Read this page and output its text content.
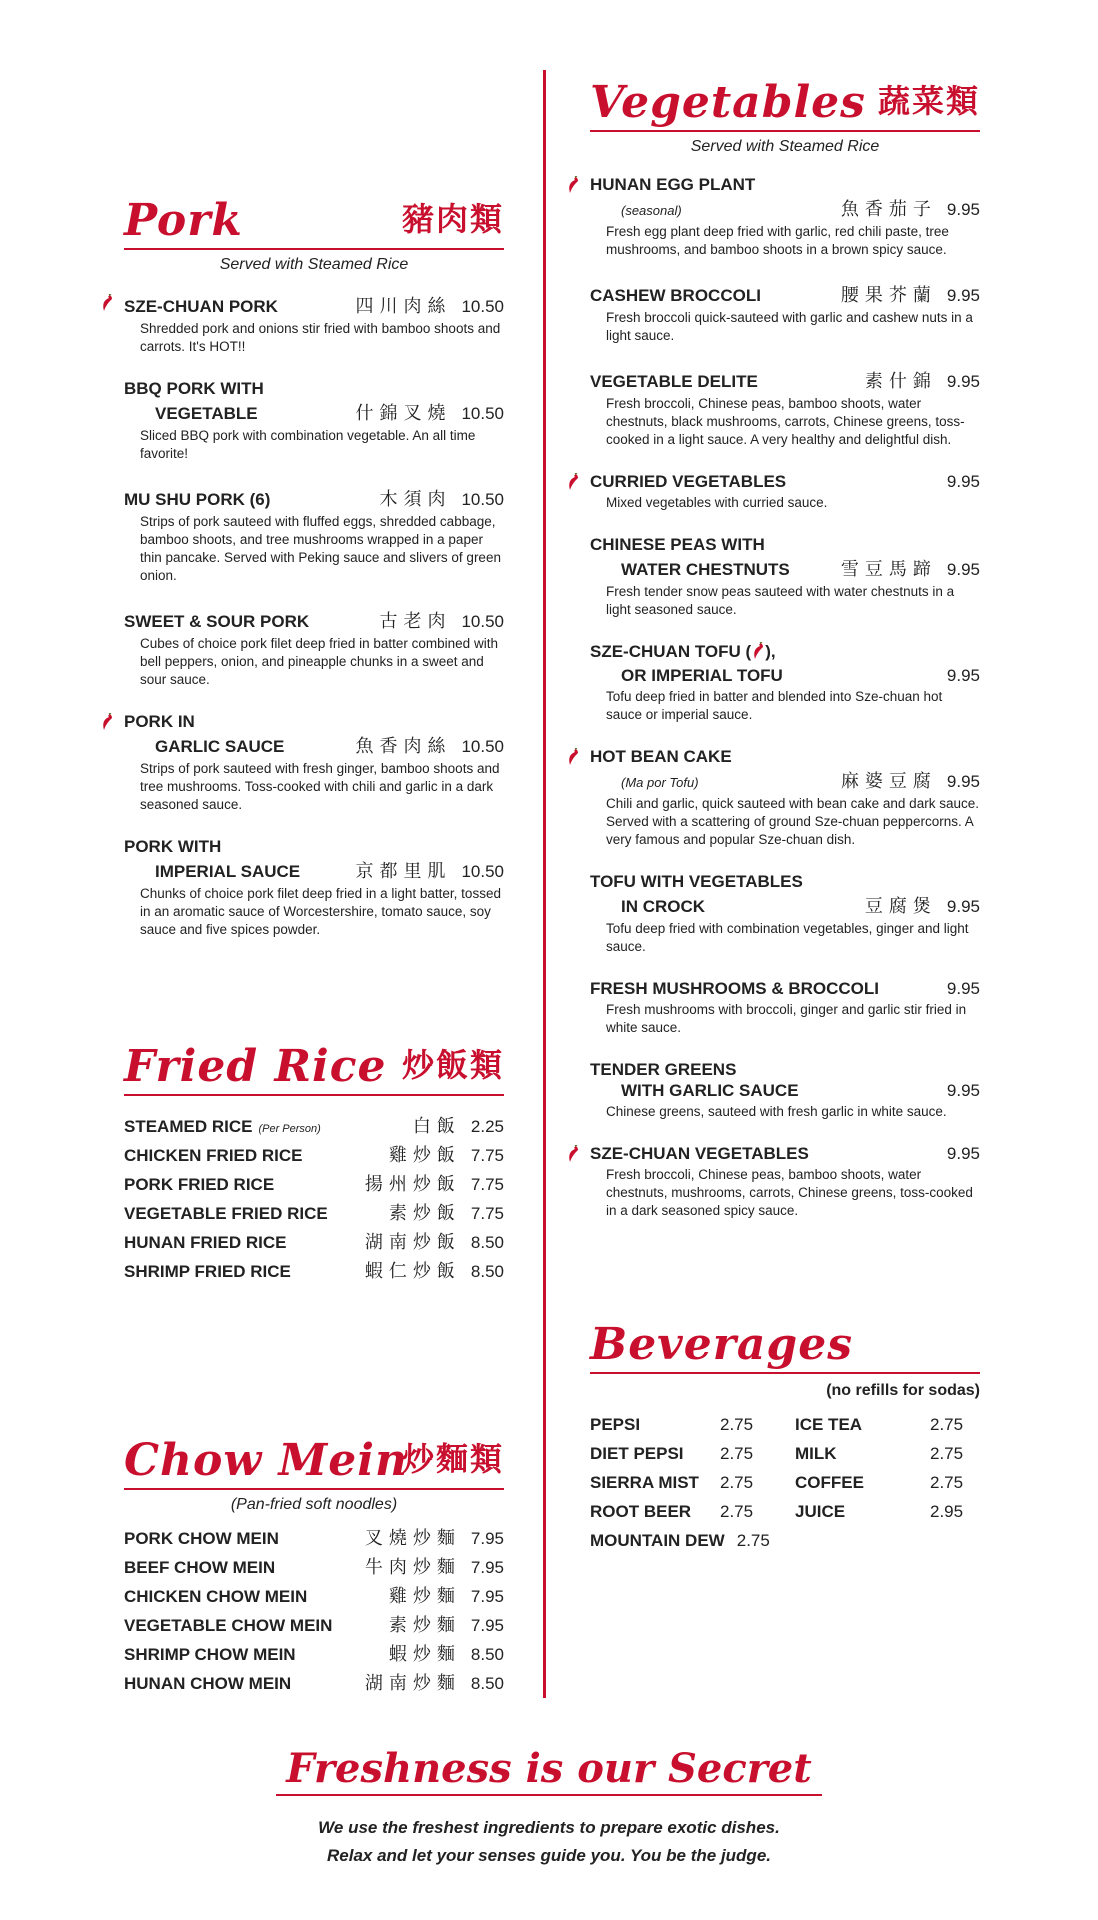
Pork	豬肉類
Served with Steamed Rice
SZE-CHUAN PORK	四川肉絲 10.50
Shredded pork and onions stir fried with bamboo shoots and carrots. It's HOT!!
BBQ PORK WITH
VEGETABLE	什錦叉燒 10.50
Sliced BBQ pork with combination vegetable. An all time favorite!
MU SHU PORK (6)	木須肉 10.50
Strips of pork sauteed with fluffed eggs, shredded cabbage, bamboo shoots, and tree mushrooms wrapped in a paper thin pancake. Served with Peking sauce and slivers of green onion.
SWEET & SOUR PORK	古老肉 10.50
Cubes of choice pork filet deep fried in batter combined with bell peppers, onion, and pineapple chunks in a sweet and sour sauce.
PORK IN
GARLIC SAUCE	魚香肉絲 10.50
Strips of pork sauteed with fresh ginger, bamboo shoots and tree mushrooms. Toss-cooked with chili and garlic in a dark seasoned sauce.
PORK WITH
IMPERIAL SAUCE	京都里肌 10.50
Chunks of choice pork filet deep fried in a light batter, tossed in an aromatic sauce of Worcestershire, tomato sauce, soy sauce and five spices powder.
Fried Rice 炒飯類
STEAMED RICE (Per Person)	白飯 2.25
CHICKEN FRIED RICE	雞炒飯 7.75
PORK FRIED RICE	揚州炒飯 7.75
VEGETABLE FRIED RICE	素炒飯 7.75
HUNAN FRIED RICE	湖南炒飯 8.50
SHRIMP FRIED RICE	蝦仁炒飯 8.50
Chow Mein
炒麵類
(Pan-fried soft noodles)
PORK CHOW MEIN	叉燒炒麵 7.95
BEEF CHOW MEIN	牛肉炒麵 7.95
CHICKEN CHOW MEIN	雞炒麵 7.95
VEGETABLE CHOW MEIN	素炒麵 7.95
SHRIMP CHOW MEIN	蝦炒麵 8.50
HUNAN CHOW MEIN	湖南炒麵 8.50
Vegetables 蔬菜類
Served with Steamed Rice
HUNAN EGG PLANT
(seasonal)	魚香茄子 9.95
Fresh egg plant deep fried with garlic, red chili paste, tree mushrooms, and bamboo shoots in a brown spicy sauce.
CASHEW BROCCOLI	腰果芥蘭 9.95
Fresh broccoli quick-sauteed with garlic and cashew nuts in a light sauce.
VEGETABLE DELITE	素什錦 9.95
Fresh broccoli, Chinese peas, bamboo shoots, water chestnuts, black mushrooms, carrots, Chinese greens, toss-cooked in a light sauce. A very healthy and delightful dish.
CURRIED VEGETABLES	9.95
Mixed vegetables with curried sauce.
CHINESE PEAS WITH
WATER CHESTNUTS	雪豆馬蹄 9.95
Fresh tender snow peas sauteed with water chestnuts in a light seasoned sauce.
SZE-CHUAN TOFU ( ),
OR IMPERIAL TOFU	9.95
Tofu deep fried in batter and blended into Sze-chuan hot sauce or imperial sauce.
HOT BEAN CAKE
(Ma por Tofu)	麻婆豆腐 9.95
Chili and garlic, quick sauteed with bean cake and dark sauce. Served with a scattering of ground Sze-chuan peppercorns. A very famous and popular Sze-chuan dish.
TOFU WITH VEGETABLES
IN CROCK	豆腐煲 9.95
Tofu deep fried with combination vegetables, ginger and light sauce.
FRESH MUSHROOMS & BROCCOLI	9.95
Fresh mushrooms with broccoli, ginger and garlic stir fried in white sauce.
TENDER GREENS
WITH GARLIC SAUCE	9.95
Chinese greens, sauteed with fresh garlic in white sauce.
SZE-CHUAN VEGETABLES	9.95
Fresh broccoli, Chinese peas, bamboo shoots, water chestnuts, mushrooms, carrots, Chinese greens, toss-cooked in a dark seasoned spicy sauce.
Beverages
(no refills for sodas)
PEPSI	2.75
DIET PEPSI	2.75
SIERRA MIST	2.75
ROOT BEER	2.75
MOUNTAIN DEW 2.75
ICE TEA	2.75
MILK	2.75
COFFEE	2.75
JUICE	2.95
Freshness is our Secret
We use the freshest ingredients to prepare exotic dishes.
Relax and let your senses guide you. You be the judge.
